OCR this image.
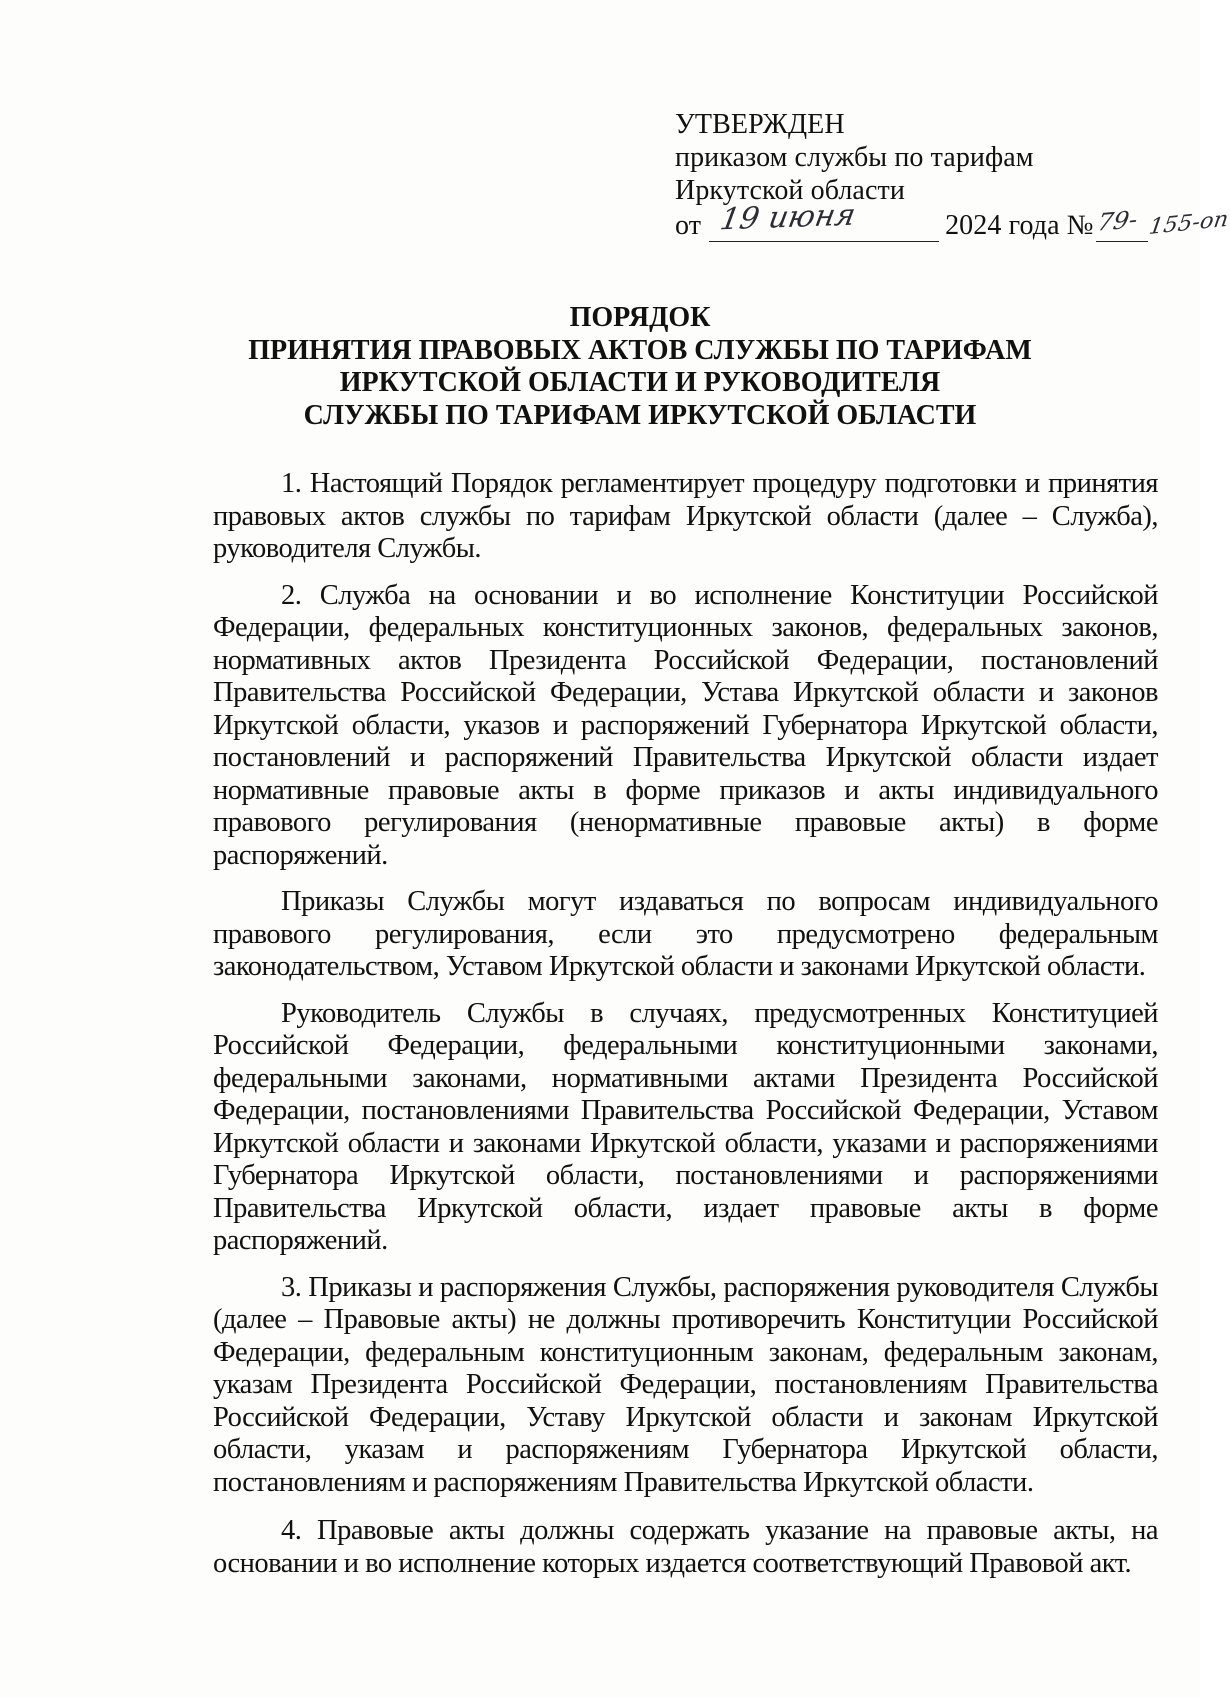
УТВЕРЖДЕН
приказом службы по тарифам
Иркутской области
от 19 июня	2024 года № 79- 155-оп
ПОРЯДОК
ПРИНЯТИЯ ПРАВОВЫХ АКТОВ СЛУЖБЫ ПО ТАРИФАМ
ИРКУТСКОЙ ОБЛАСТИ И РУКОВОДИТЕЛЯ
СЛУЖБЫ ПО ТАРИФАМ ИРКУТСКОЙ ОБЛАСТИ

1. Настоящий Порядок регламентирует процедуру подготовки и принятия правовых актов службы по тарифам Иркутской области (далее – Служба), руководителя Службы.

2. Служба на основании и во исполнение Конституции Российской Федерации, федеральных конституционных законов, федеральных законов, нормативных актов Президента Российской Федерации, постановлений Правительства Российской Федерации, Устава Иркутской области и законов Иркутской области, указов и распоряжений Губернатора Иркутской области, постановлений и распоряжений Правительства Иркутской области издает нормативные правовые акты в форме приказов и акты индивидуального правового регулирования (ненормативные правовые акты) в форме распоряжений.

Приказы Службы могут издаваться по вопросам индивидуального правового регулирования, если это предусмотрено федеральным законодательством, Уставом Иркутской области и законами Иркутской области.

Руководитель Службы в случаях, предусмотренных Конституцией Российской Федерации, федеральными конституционными законами, федеральными законами, нормативными актами Президента Российской Федерации, постановлениями Правительства Российской Федерации, Уставом Иркутской области и законами Иркутской области, указами и распоряжениями Губернатора Иркутской области, постановлениями и распоряжениями Правительства Иркутской области, издает правовые акты в форме распоряжений.

3. Приказы и распоряжения Службы, распоряжения руководителя Службы (далее – Правовые акты) не должны противоречить Конституции Российской Федерации, федеральным конституционным законам, федеральным законам, указам Президента Российской Федерации, постановлениям Правительства Российской Федерации, Уставу Иркутской области и законам Иркутской области, указам и распоряжениям Губернатора Иркутской области, постановлениям и распоряжениям Правительства Иркутской области.

4. Правовые акты должны содержать указание на правовые акты, на основании и во исполнение которых издается соответствующий Правовой акт.
